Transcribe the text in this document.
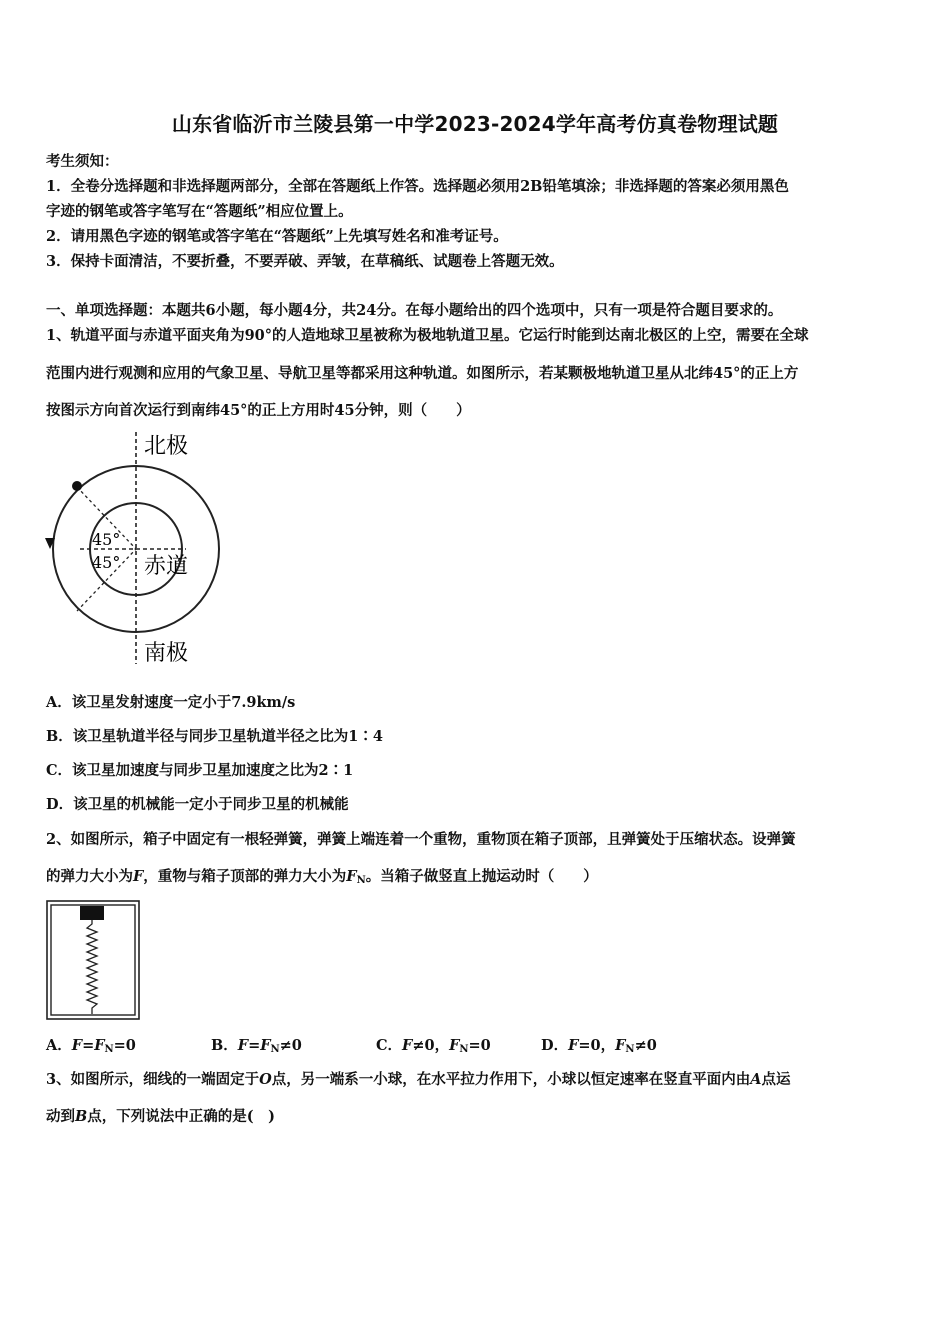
山东省临沂市兰陵县第一中学2023-2024学年高考仿真卷物理试题
考生须知：
1．全卷分选择题和非选择题两部分，全部在答题纸上作答。选择题必须用2B铅笔填涂；非选择题的答案必须用黑色
字迹的钢笔或答字笔写在“答题纸”相应位置上。
2．请用黑色字迹的钢笔或答字笔在“答题纸”上先填写姓名和准考证号。
3．保持卡面清洁，不要折叠，不要弄破、弄皱，在草稿纸、试题卷上答题无效。
一、单项选择题：本题共6小题，每小题4分，共24分。在每小题给出的四个选项中，只有一项是符合题目要求的。
1、轨道平面与赤道平面夹角为90°的人造地球卫星被称为极地轨道卫星。它运行时能到达南北极区的上空，需要在全球
范围内进行观测和应用的气象卫星、导航卫星等都采用这种轨道。如图所示，若某颗极地轨道卫星从北纬45°的正上方
按图示方向首次运行到南纬45°的正上方用时45分钟，则（　　）
北极
南极
赤道
45°
45°
A．该卫星发射速度一定小于7.9km/s
B．该卫星轨道半径与同步卫星轨道半径之比为1∶4
C．该卫星加速度与同步卫星加速度之比为2∶1
D．该卫星的机械能一定小于同步卫星的机械能
2、如图所示，箱子中固定有一根轻弹簧，弹簧上端连着一个重物，重物顶在箱子顶部，且弹簧处于压缩状态。设弹簧
的弹力大小为F，重物与箱子顶部的弹力大小为$F_N$。当箱子做竖直上抛运动时（　　）
A．$F=F_N=0$	B．$F=F_N\ne 0$	C．F≠0，$F_N=0$	D．F=0，$F_N\ne 0$
3、如图所示，细线的一端固定于O点，另一端系一小球，在水平拉力作用下，小球以恒定速率在竖直平面内由A点运
动到B点，下列说法中正确的是(　)
